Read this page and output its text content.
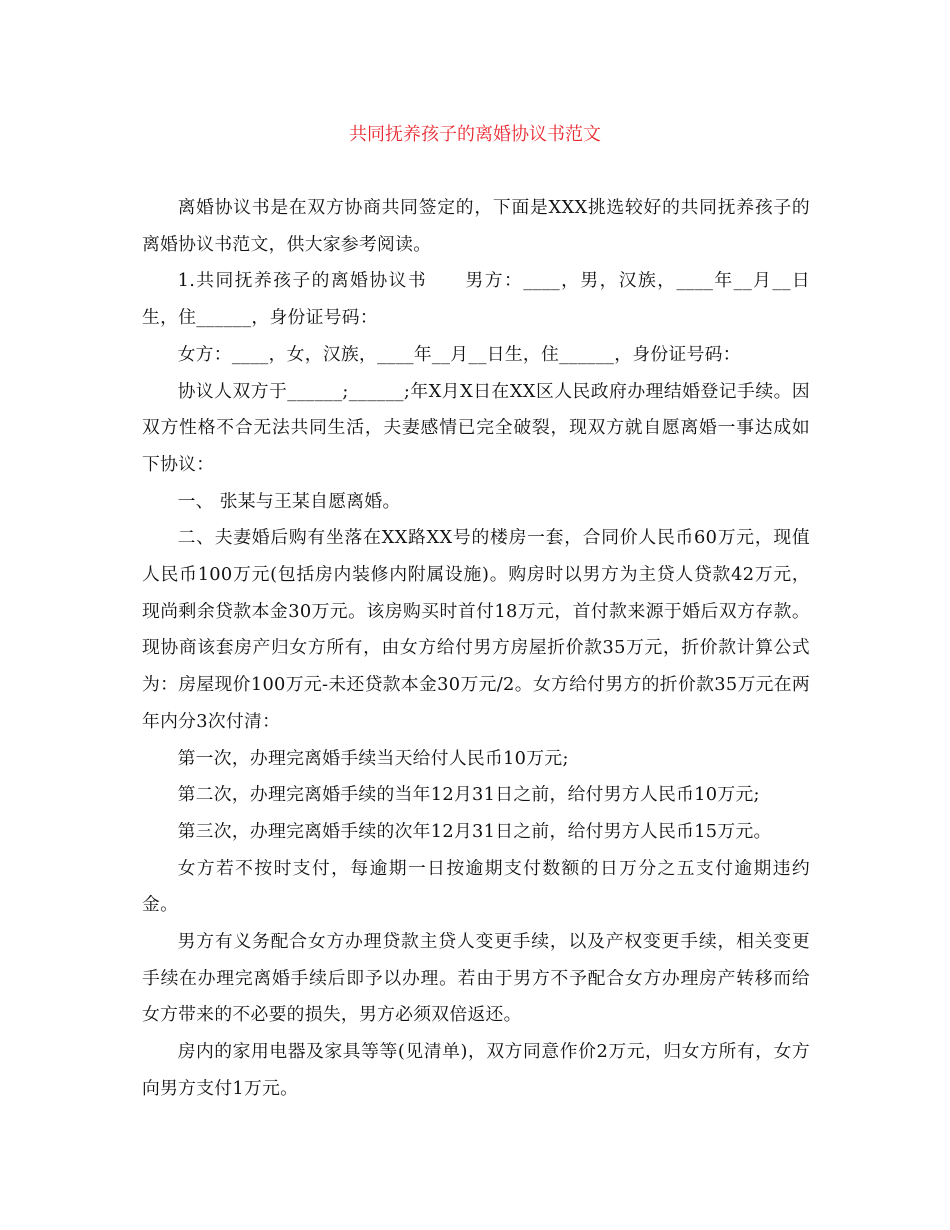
共同抚养孩子的离婚协议书范文

离婚协议书是在双方协商共同签定的，下面是XXX挑选较好的共同抚养孩子的离婚协议书范文，供大家参考阅读。

1.共同抚养孩子的离婚协议书　　男方：____，男，汉族，____年__月__日生，住______，身份证号码：

女方：____，女，汉族，____年__月__日生，住______，身份证号码：

协议人双方于______;______;年X月X日在XX区人民政府办理结婚登记手续。因双方性格不合无法共同生活，夫妻感情已完全破裂，现双方就自愿离婚一事达成如下协议：

一、 张某与王某自愿离婚。

二、夫妻婚后购有坐落在XX路XX号的楼房一套，合同价人民币60万元，现值人民币100万元(包括房内装修内附属设施)。购房时以男方为主贷人贷款42万元，现尚剩余贷款本金30万元。该房购买时首付18万元，首付款来源于婚后双方存款。现协商该套房产归女方所有，由女方给付男方房屋折价款35万元，折价款计算公式为：房屋现价100万元-未还贷款本金30万元/2。女方给付男方的折价款35万元在两年内分3次付清：

第一次，办理完离婚手续当天给付人民币10万元;

第二次，办理完离婚手续的当年12月31日之前，给付男方人民币10万元;

第三次，办理完离婚手续的次年12月31日之前，给付男方人民币15万元。

女方若不按时支付，每逾期一日按逾期支付数额的日万分之五支付逾期违约金。

男方有义务配合女方办理贷款主贷人变更手续，以及产权变更手续，相关变更手续在办理完离婚手续后即予以办理。若由于男方不予配合女方办理房产转移而给女方带来的不必要的损失，男方必须双倍返还。

房内的家用电器及家具等等(见清单)，双方同意作价2万元，归女方所有，女方向男方支付1万元。
